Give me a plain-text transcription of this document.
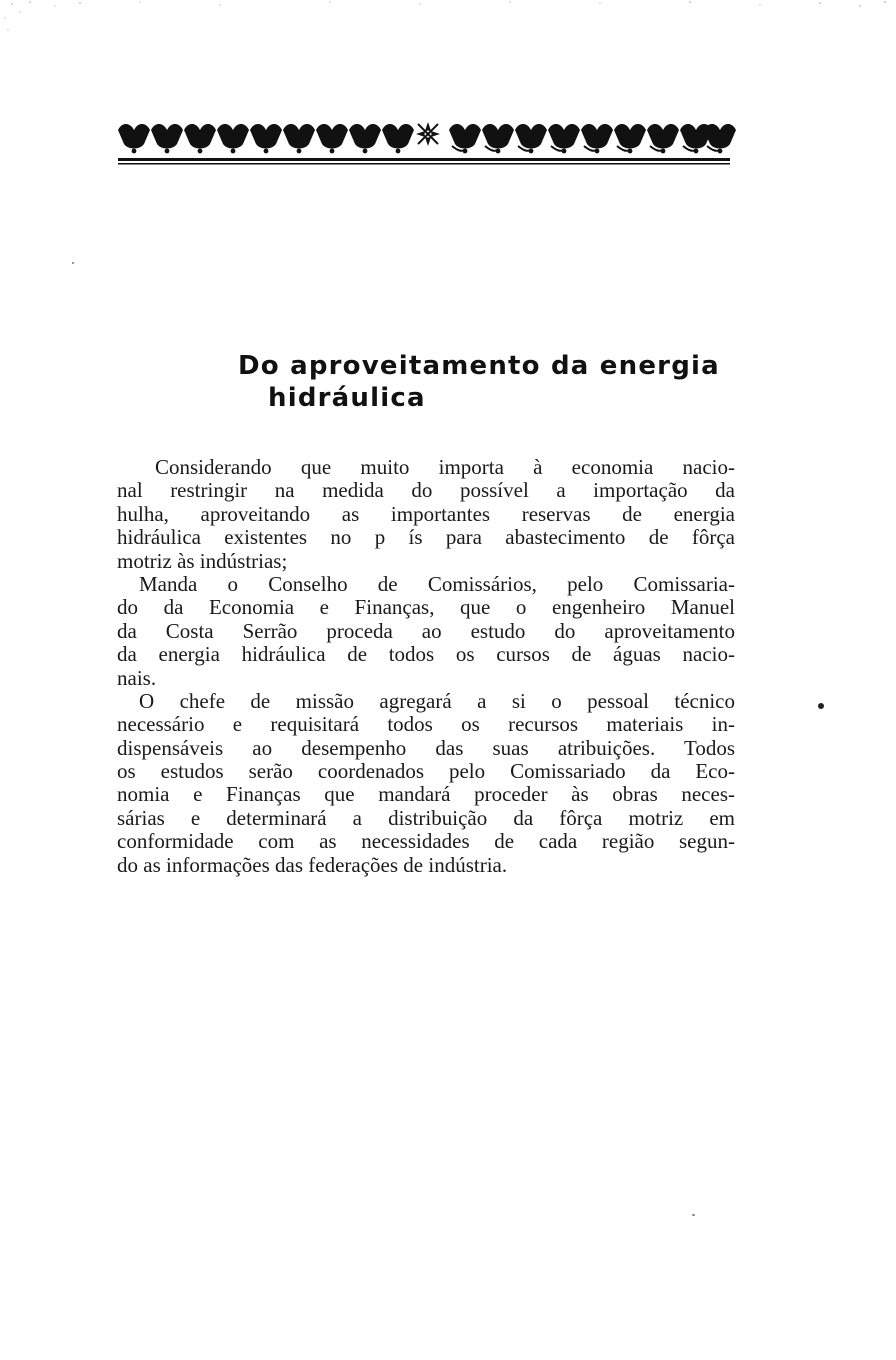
Do aproveitamento da energia
hidráulica
Considerando que muito importa à economia nacio-
nal restringir na medida do possível a importação da
hulha, aproveitando as importantes reservas de energia
hidráulica existentes no p ís para abastecimento de fôrça
motriz às indústrias;
Manda o Conselho de Comissários, pelo Comissaria-
do da Economia e Finanças, que o engenheiro Manuel
da Costa Serrão proceda ao estudo do aproveitamento
da energia hidráulica de todos os cursos de águas nacio-
nais.
O chefe de missão agregará a si o pessoal técnico
necessário e requisitará todos os recursos materiais in-
dispensáveis ao desempenho das suas atribuições. Todos
os estudos serão coordenados pelo Comissariado da Eco-
nomia e Finanças que mandará proceder às obras neces-
sárias e determinará a distribuição da fôrça motriz em
conformidade com as necessidades de cada região segun-
do as informações das federações de indústria.
